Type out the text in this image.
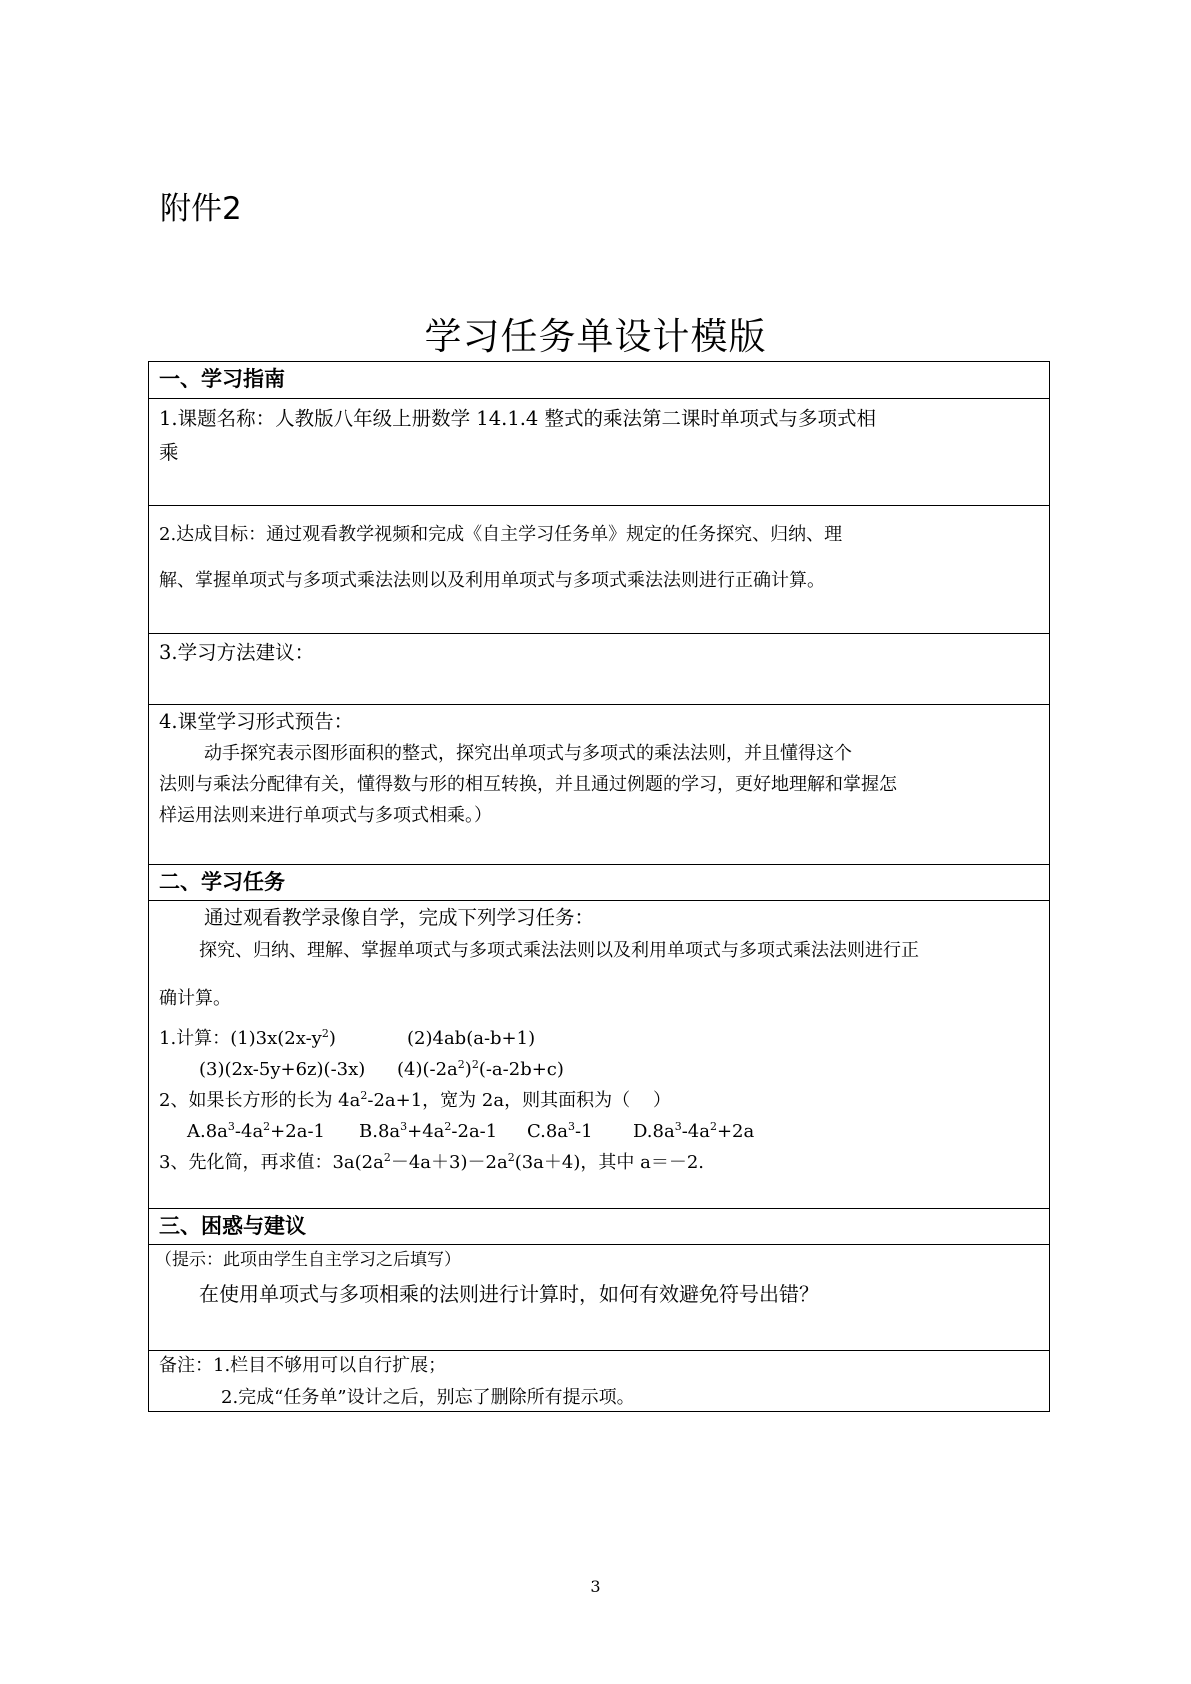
附件2
学习任务单设计模版
一、学习指南
1.课题名称：人教版八年级上册数学 14.1.4 整式的乘法第二课时单项式与多项式相
乘
2.达成目标：通过观看教学视频和完成《自主学习任务单》规定的任务探究、归纳、理
解、掌握单项式与多项式乘法法则以及利用单项式与多项式乘法法则进行正确计算。
3.学习方法建议：
4.课堂学习形式预告：
动手探究表示图形面积的整式，探究出单项式与多项式的乘法法则，并且懂得这个
法则与乘法分配律有关，懂得数与形的相互转换，并且通过例题的学习，更好地理解和掌握怎
样运用法则来进行单项式与多项式相乘。）
二、学习任务
通过观看教学录像自学，完成下列学习任务：
探究、归纳、理解、掌握单项式与多项式乘法法则以及利用单项式与多项式乘法法则进行正
确计算。
1.计算：$(1)3x(2x-y^2)$	(2)4ab(a-b+1)
(3)(2x-5y+6z)(-3x) $(4)(-2a^2)^2(-a-2b+c)$
2、如果长方形的长为 $4a^2-2a+1$，宽为 2a，则其面积为（    ）
$A.8a^3-4a^2+2a-1$ $B.8a^3+4a^2-2a-1$ $C.8a^3-1$ $D.8a^3-4a^2+2a$
3、先化简，再求值：$3a(2a^2-4a+3)-2a^2(3a+4)$，其中 a＝－2.
三、困惑与建议
（提示：此项由学生自主学习之后填写）
在使用单项式与多项相乘的法则进行计算时，如何有效避免符号出错？
备注：1.栏目不够用可以自行扩展；
2.完成“任务单”设计之后，别忘了删除所有提示项。
3
